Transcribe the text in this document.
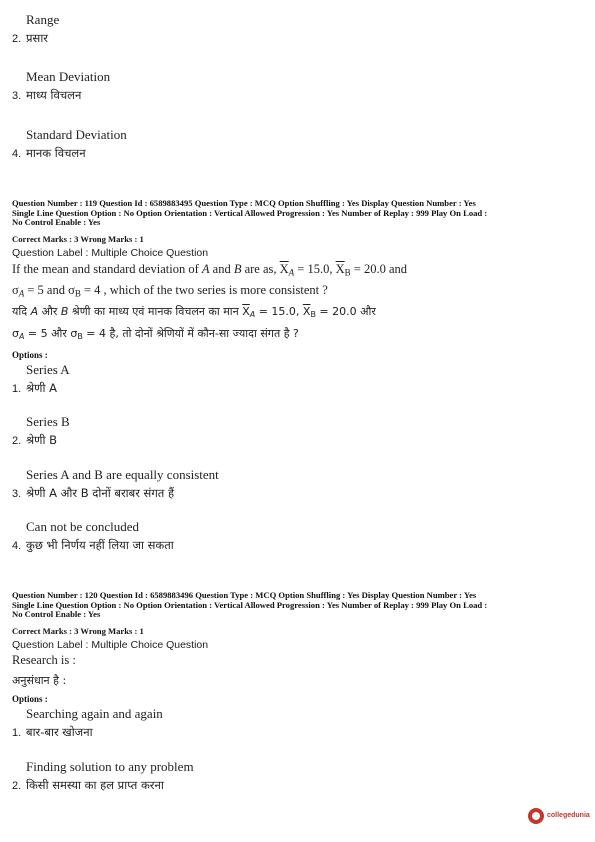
Range
2. प्रसार
Mean Deviation
3. माध्य विचलन
Standard Deviation
4. मानक विचलन
Question Number : 119 Question Id : 6589883495 Question Type : MCQ Option Shuffling : Yes Display Question Number : Yes
Single Line Question Option : No Option Orientation : Vertical Allowed Progression : Yes Number of Replay : 999 Play On Load :
No Control Enable : Yes
Correct Marks : 3 Wrong Marks : 1
Question Label : Multiple Choice Question
If the mean and standard deviation of A and B are as, $\overline{X}_A = 15.0$, $\overline{X}_B = 20.0$ and
$\sigma_A = 5$ and $\sigma_B = 4$ , which of the two series is more consistent ?
यदि A और B श्रेणी का माध्य एवं मानक विचलन का मान $\overline{X}_A = 15.0$, $\overline{X}_B = 20.0$ और
$\sigma_A = 5$ और $\sigma_B = 4$ है, तो दोनों श्रेणियों में कौन-सा ज्यादा संगत है ?
Options :
Series A
1. श्रेणी A
Series B
2. श्रेणी B
Series A and B are equally consistent
3. श्रेणी A और B दोनों बराबर संगत हैं
Can not be concluded
4. कुछ भी निर्णय नहीं लिया जा सकता
Question Number : 120 Question Id : 6589883496 Question Type : MCQ Option Shuffling : Yes Display Question Number : Yes
Single Line Question Option : No Option Orientation : Vertical Allowed Progression : Yes Number of Replay : 999 Play On Load :
No Control Enable : Yes
Correct Marks : 3 Wrong Marks : 1
Question Label : Multiple Choice Question
Research is :
अनुसंधान है :
Options :
Searching again and again
1. बार-बार खोजना
Finding solution to any problem
2. किसी समस्या का हल प्राप्त करना
collegedunia
